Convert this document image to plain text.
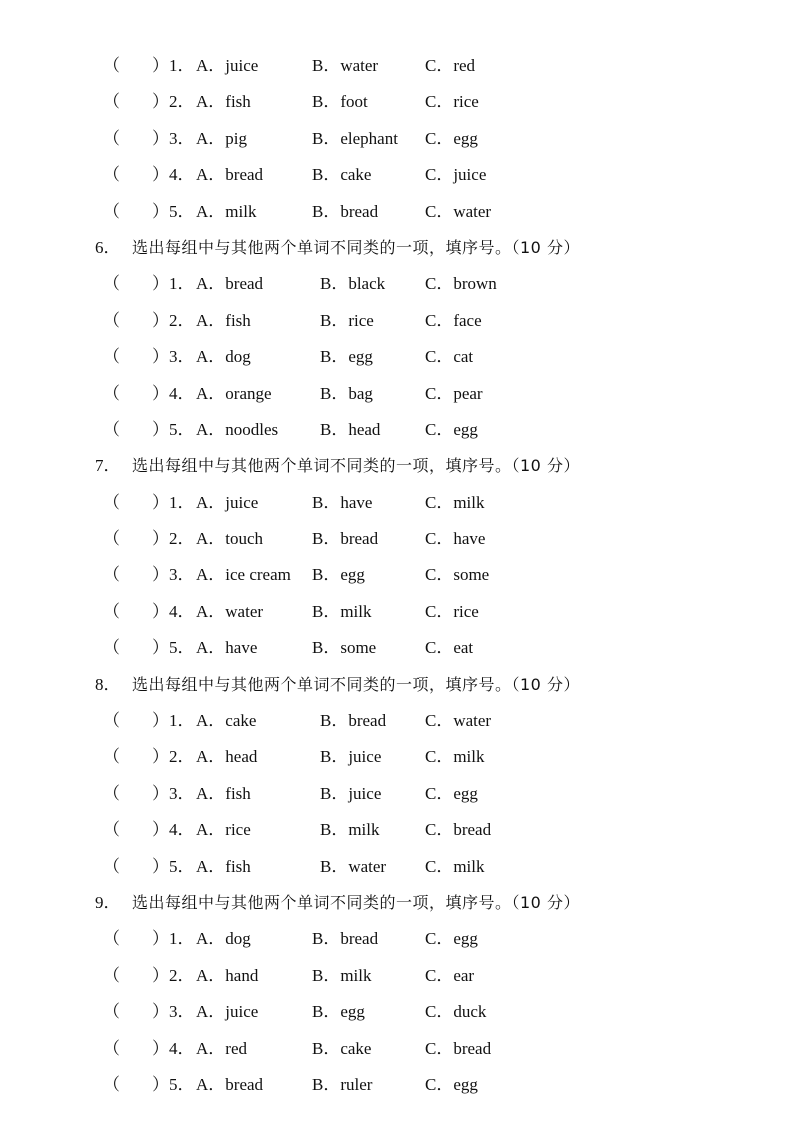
（ ）1． A．juice	B．water	C．red
（ ）2． A．fish	B．foot	C．rice
（ ）3． A．pig	B．elephant C．egg
（ ）4． A．bread	B．cake	C．juice
（ ）5． A．milk	B．bread	C．water
6． 选出每组中与其他两个单词不同类的一项，填序号。（10 分）
（ ）1． A．bread	B．black C．brown
（ ）2． A．fish	B．rice	C．face
（ ）3． A．dog	B．egg	C．cat
（ ）4． A．orange	B．bag	C．pear
（ ）5． A．noodles B．head	C．egg
7． 选出每组中与其他两个单词不同类的一项，填序号。（10 分）
（ ）1． A．juice	B．have	C．milk
（ ）2． A．touch	B．bread	C．have
（ ）3． A．ice cream B．egg	C．some
（ ）4． A．water	B．milk	C．rice
（ ）5． A．have	B．some	C．eat
8． 选出每组中与其他两个单词不同类的一项，填序号。（10 分）
（ ）1． A．cake	B．bread C．water
（ ）2． A．head	B．juice	C．milk
（ ）3． A．fish	B．juice	C．egg
（ ）4． A．rice	B．milk	C．bread
（ ）5． A．fish	B．water C．milk
9． 选出每组中与其他两个单词不同类的一项，填序号。（10 分）
（ ）1． A．dog	B．bread	C．egg
（ ）2． A．hand	B．milk	C．ear
（ ）3． A．juice	B．egg	C．duck
（ ）4． A．red	B．cake	C．bread
（ ）5． A．bread	B．ruler	C．egg
